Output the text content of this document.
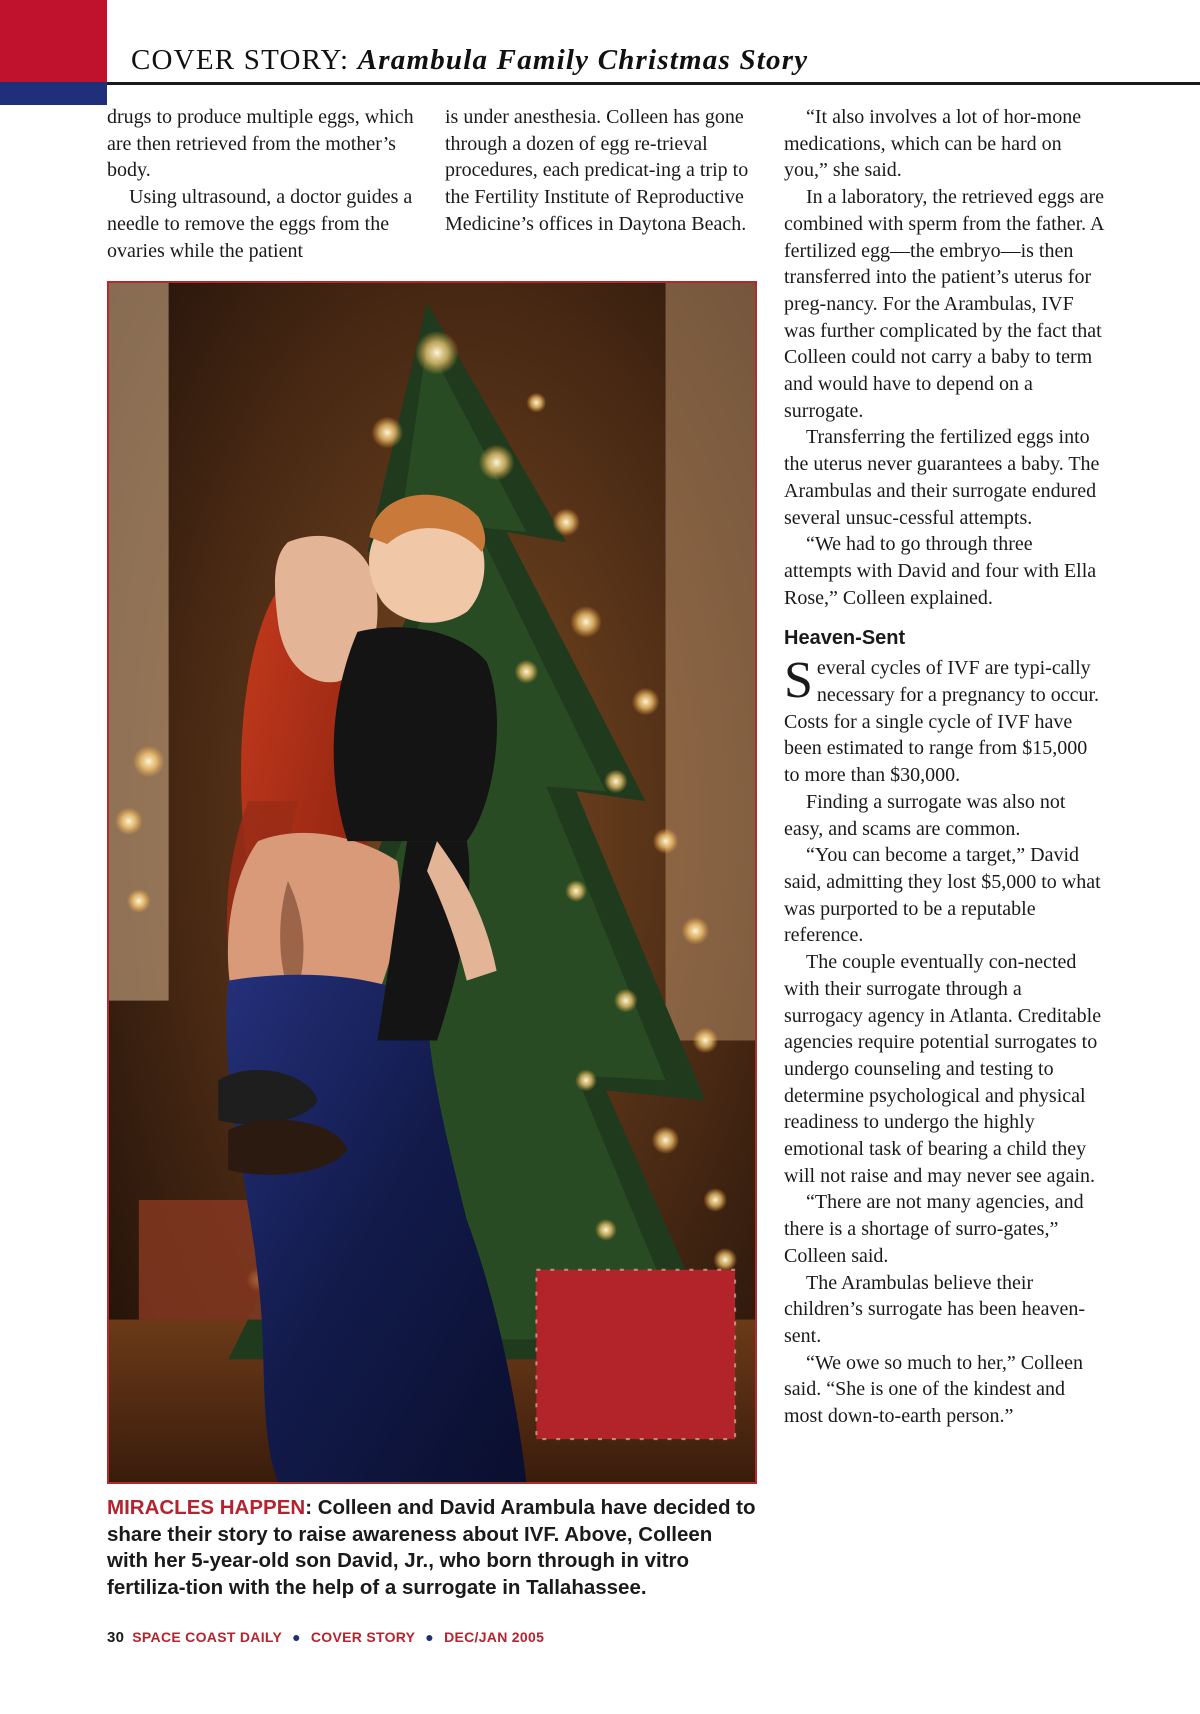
COVER STORY: Arambula Family Christmas Story

drugs to produce multiple eggs, which are then retrieved from the mother’s body.

Using ultrasound, a doctor guides a needle to remove the eggs from the ovaries while the patient

is under anesthesia. Colleen has gone through a dozen of egg re-trieval procedures, each predicat-ing a trip to the Fertility Institute of Reproductive Medicine’s offices in Daytona Beach.

“It also involves a lot of hor-mone medications, which can be hard on you,” she said.

In a laboratory, the retrieved eggs are combined with sperm from the father. A fertilized egg—the embryo—is then transferred into the patient’s uterus for preg-nancy. For the Arambulas, IVF was further complicated by the fact that Colleen could not carry a baby to term and would have to depend on a surrogate.

Transferring the fertilized eggs into the uterus never guarantees a baby. The Arambulas and their surrogate endured several unsuc-cessful attempts.

“We had to go through three attempts with David and four with Ella Rose,” Colleen explained.

Heaven-Sent

Several cycles of IVF are typi-cally necessary for a pregnancy to occur. Costs for a single cycle of IVF have been estimated to range from $15,000 to more than $30,000.

Finding a surrogate was also not easy, and scams are common.

“You can become a target,” David said, admitting they lost $5,000 to what was purported to be a reputable reference.

The couple eventually con-nected with their surrogate through a surrogacy agency in Atlanta. Creditable agencies require potential surrogates to undergo counseling and testing to determine psychological and physical readiness to undergo the highly emotional task of bearing a child they will not raise and may never see again.

“There are not many agencies, and there is a shortage of surro-gates,” Colleen said.

The Arambulas believe their children’s surrogate has been heaven-sent.

“We owe so much to her,” Colleen said. “She is one of the kindest and most down-to-earth person.”

MIRACLES HAPPEN: Colleen and David Arambula have decided to share their story to raise awareness about IVF. Above, Colleen with her 5-year-old son David, Jr., who born through in vitro fertiliza-tion with the help of a surrogate in Tallahassee.
30 SPACE COAST DAILY ● COVER STORY ● DEC/JAN 2005
